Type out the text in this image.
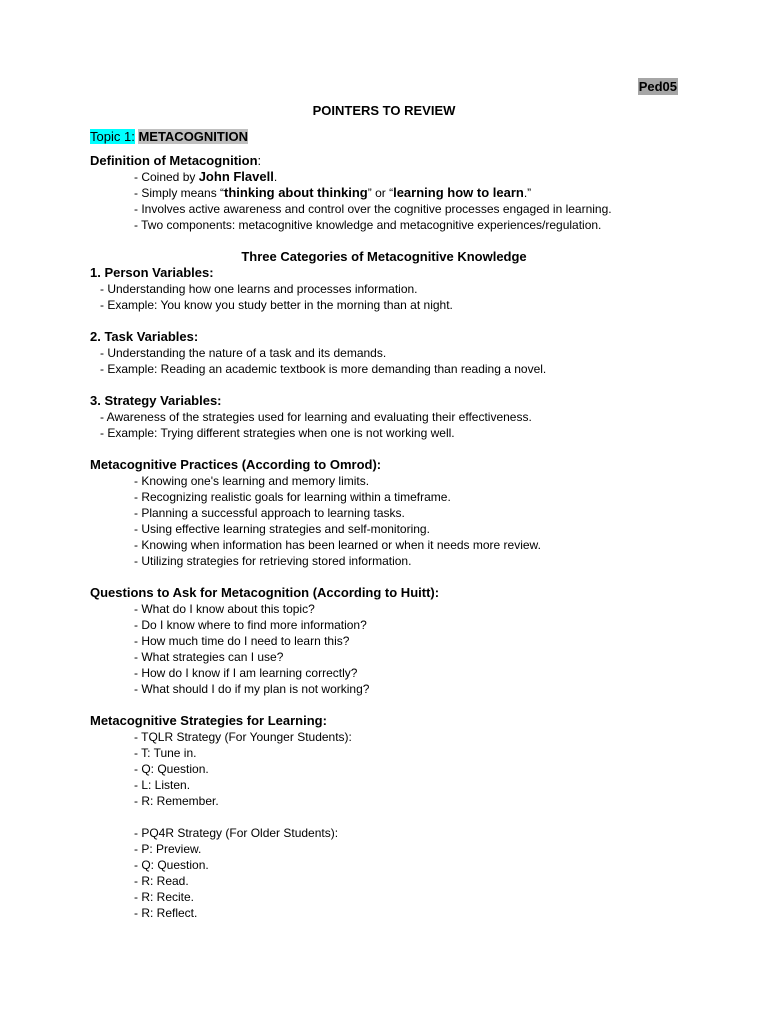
Ped05
POINTERS TO REVIEW
Topic 1: METACOGNITION
Definition of Metacognition:
- Coined by John Flavell.
- Simply means “thinking about thinking” or “learning how to learn.”
- Involves active awareness and control over the cognitive processes engaged in learning.
- Two components: metacognitive knowledge and metacognitive experiences/regulation.
Three Categories of Metacognitive Knowledge
1. Person Variables:
- Understanding how one learns and processes information.
- Example: You know you study better in the morning than at night.
2. Task Variables:
- Understanding the nature of a task and its demands.
- Example: Reading an academic textbook is more demanding than reading a novel.
3. Strategy Variables:
- Awareness of the strategies used for learning and evaluating their effectiveness.
- Example: Trying different strategies when one is not working well.
Metacognitive Practices (According to Omrod):
- Knowing one's learning and memory limits.
- Recognizing realistic goals for learning within a timeframe.
- Planning a successful approach to learning tasks.
- Using effective learning strategies and self-monitoring.
- Knowing when information has been learned or when it needs more review.
- Utilizing strategies for retrieving stored information.
Questions to Ask for Metacognition (According to Huitt):
- What do I know about this topic?
- Do I know where to find more information?
- How much time do I need to learn this?
- What strategies can I use?
- How do I know if I am learning correctly?
- What should I do if my plan is not working?
Metacognitive Strategies for Learning:
- TQLR Strategy (For Younger Students):
- T: Tune in.
- Q: Question.
- L: Listen.
- R: Remember.
- PQ4R Strategy (For Older Students):
- P: Preview.
- Q: Question.
- R: Read.
- R: Recite.
- R: Reflect.
